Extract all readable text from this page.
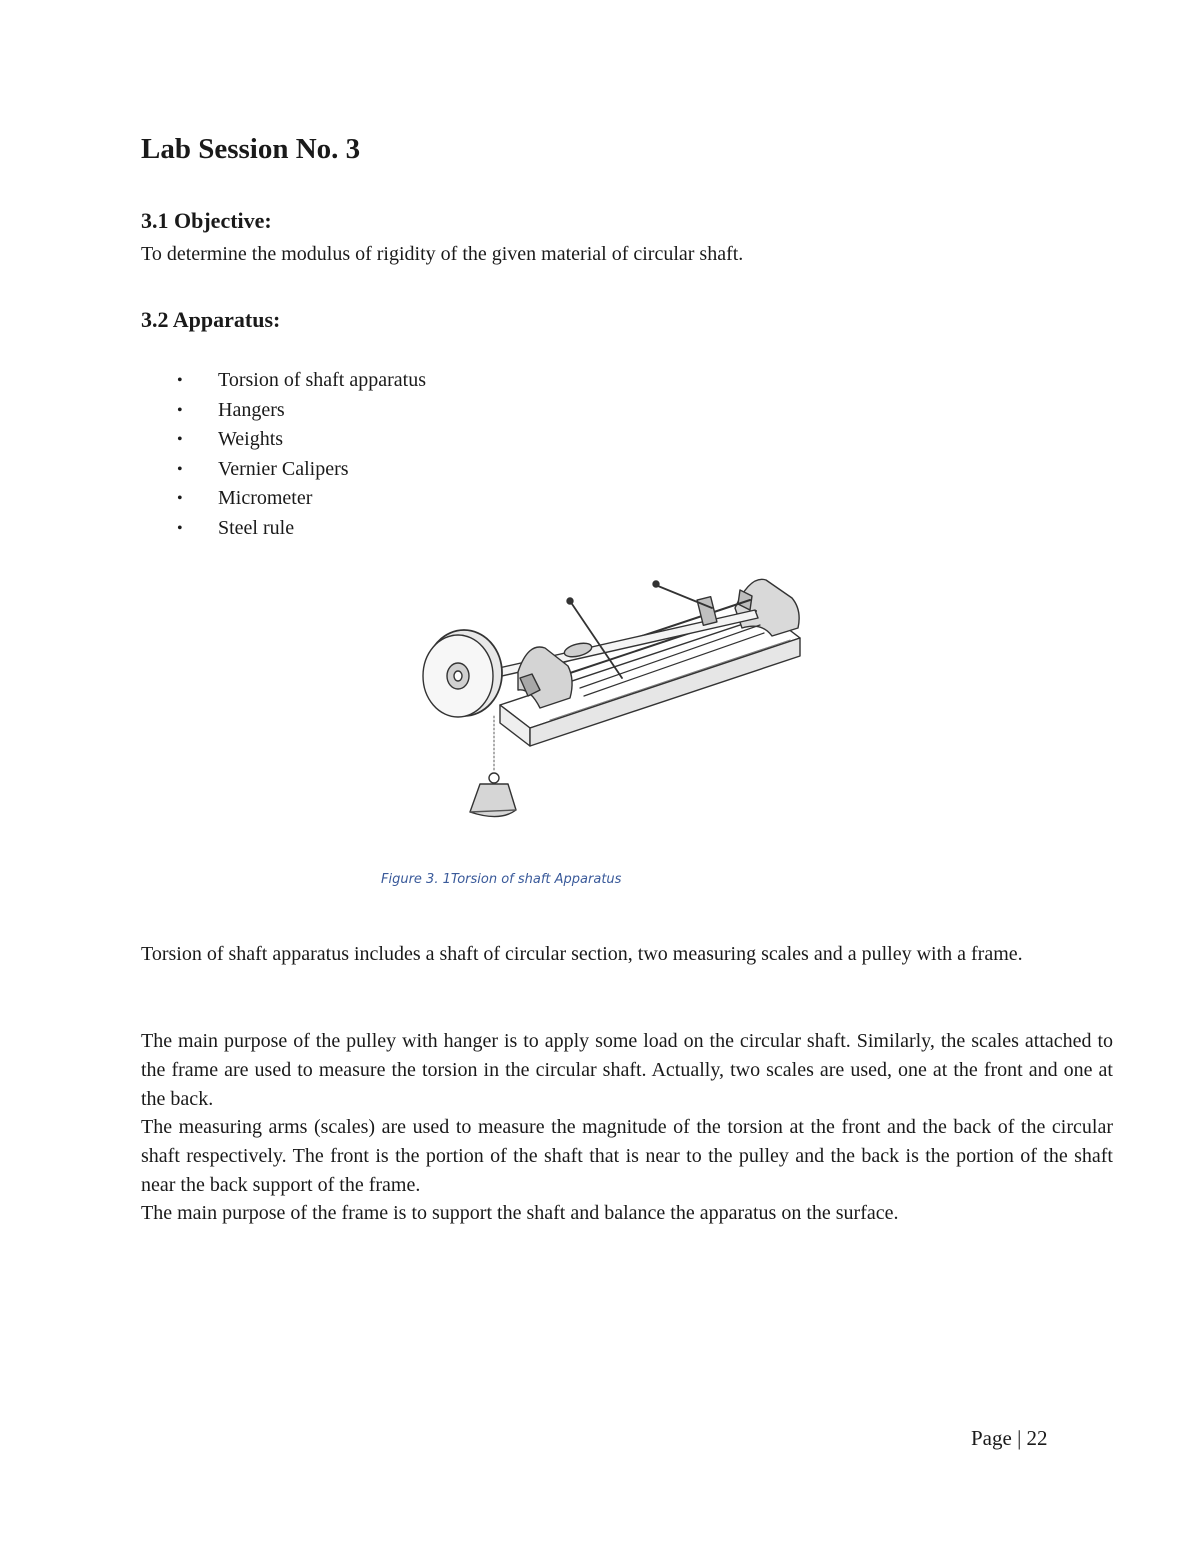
Lab Session No. 3
3.1 Objective:

To determine the modulus of rigidity of the given material of circular shaft.

3.2 Apparatus:
• Torsion of shaft apparatus
• Hangers
• Weights
• Vernier Calipers
• Micrometer
• Steel rule

Figure 3. 1Torsion of shaft Apparatus

Torsion of shaft apparatus includes a shaft of circular section, two measuring scales and a pulley with a frame.

The main purpose of the pulley with hanger is to apply some load on the circular shaft. Similarly, the scales attached to the frame are used to measure the torsion in the circular shaft. Actually, two scales are used, one at the front and one at the back.

The measuring arms (scales) are used to measure the magnitude of the torsion at the front and the back of the circular shaft respectively. The front is the portion of the shaft that is near to the pulley and the back is the portion of the shaft near the back support of the frame.

The main purpose of the frame is to support the shaft and balance the apparatus on the surface.

Page | 22
